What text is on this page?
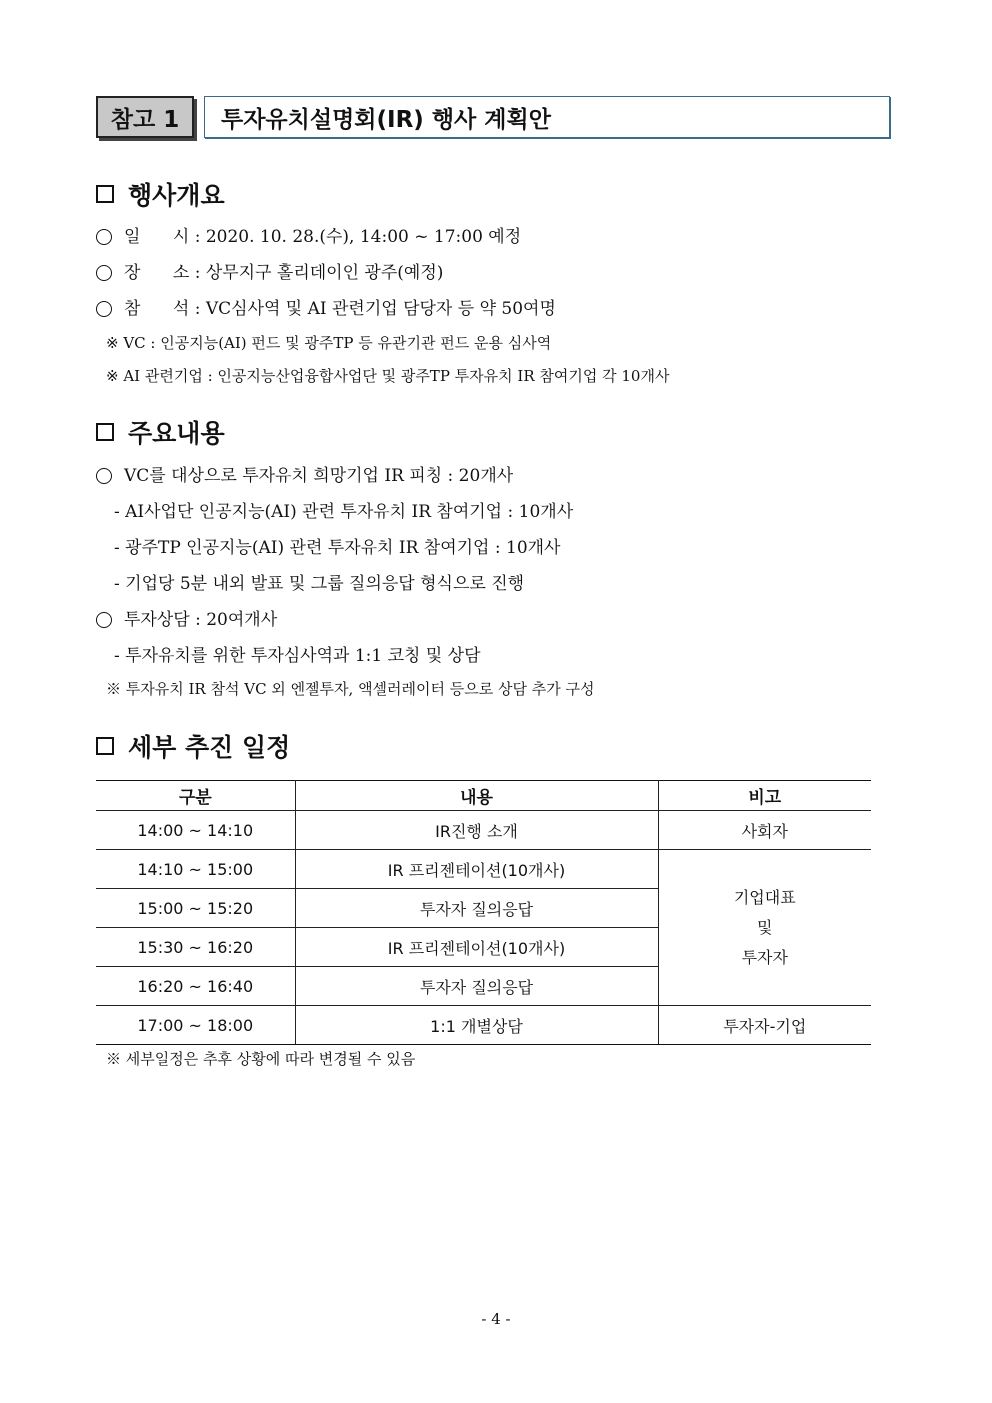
참고 1	투자유치설명회(IR) 행사 계획안
행사개요
일      시 : 2020. 10. 28.(수), 14:00 ~ 17:00 예정
장      소 : 상무지구 홀리데이인 광주(예정)
참      석 : VC심사역 및 AI 관련기업 담당자 등 약 50여명
※ VC : 인공지능(AI) 펀드 및 광주TP 등 유관기관 펀드 운용 심사역
※ AI 관련기업 : 인공지능산업융합사업단 및 광주TP 투자유치 IR 참여기업 각 10개사
주요내용
VC를 대상으로 투자유치 희망기업 IR 피칭 : 20개사
- AI사업단 인공지능(AI) 관련 투자유치 IR 참여기업 : 10개사
- 광주TP 인공지능(AI) 관련 투자유치 IR 참여기업 : 10개사
- 기업당 5분 내외 발표 및 그룹 질의응답 형식으로 진행
투자상담 : 20여개사
- 투자유치를 위한 투자심사역과 1:1 코칭 및 상담
※ 투자유치 IR 참석 VC 외 엔젤투자, 액셀러레이터 등으로 상담 추가 구성
세부 추진 일정
구분	내용	비고
14:00 ~ 14:10	IR진행 소개	사회자
14:10 ~ 15:00	IR 프리젠테이션(10개사)	기업대표
및
투자자

15:00 ~ 15:20	투자자 질의응답	
15:30 ~ 16:20	IR 프리젠테이션(10개사)	
16:20 ~ 16:40	투자자 질의응답	
17:00 ~ 18:00	1:1 개별상담	투자자-기업
※ 세부일정은 추후 상황에 따라 변경될 수 있음
- 4 -
